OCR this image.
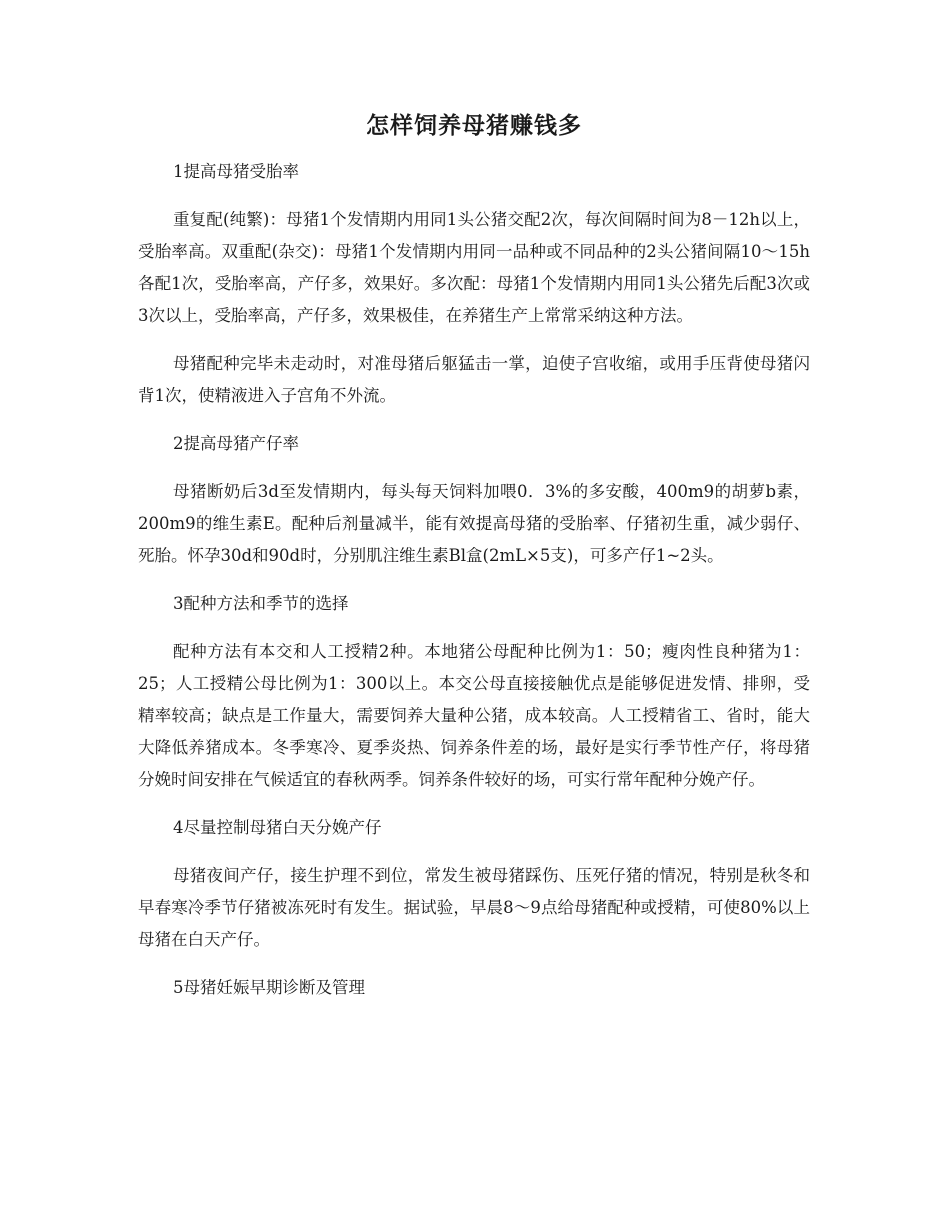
怎样饲养母猪赚钱多
1提高母猪受胎率
重复配(纯繁)：母猪1个发情期内用同1头公猪交配2次，每次间隔时间为8－12h以上，受胎率高。双重配(杂交)：母猪1个发情期内用同一品种或不同品种的2头公猪间隔10～15h各配1次，受胎率高，产仔多，效果好。多次配：母猪1个发情期内用同1头公猪先后配3次或3次以上，受胎率高，产仔多，效果极佳，在养猪生产上常常采纳这种方法。
母猪配种完毕未走动时，对准母猪后躯猛击一掌，迫使子宫收缩，或用手压背使母猪闪背1次，使精液进入子宫角不外流。
2提高母猪产仔率
母猪断奶后3d至发情期内，每头每天饲料加喂0．3%的多安酸，400m9的胡萝b素，200m9的维生素E。配种后剂量减半，能有效提高母猪的受胎率、仔猪初生重，减少弱仔、死胎。怀孕30d和90d时，分别肌注维生素Bl盒(2mL×5支)，可多产仔1~2头。
3配种方法和季节的选择
配种方法有本交和人工授精2种。本地猪公母配种比例为1：50；瘦肉性良种猪为1：25；人工授精公母比例为1：300以上。本交公母直接接触优点是能够促进发情、排卵，受精率较高；缺点是工作量大，需要饲养大量种公猪，成本较高。人工授精省工、省时，能大大降低养猪成本。冬季寒冷、夏季炎热、饲养条件差的场，最好是实行季节性产仔，将母猪分娩时间安排在气候适宜的春秋两季。饲养条件较好的场，可实行常年配种分娩产仔。
4尽量控制母猪白天分娩产仔
母猪夜间产仔，接生护理不到位，常发生被母猪踩伤、压死仔猪的情况，特别是秋冬和早春寒冷季节仔猪被冻死时有发生。据试验，早晨8～9点给母猪配种或授精，可使80%以上母猪在白天产仔。
5母猪妊娠早期诊断及管理
